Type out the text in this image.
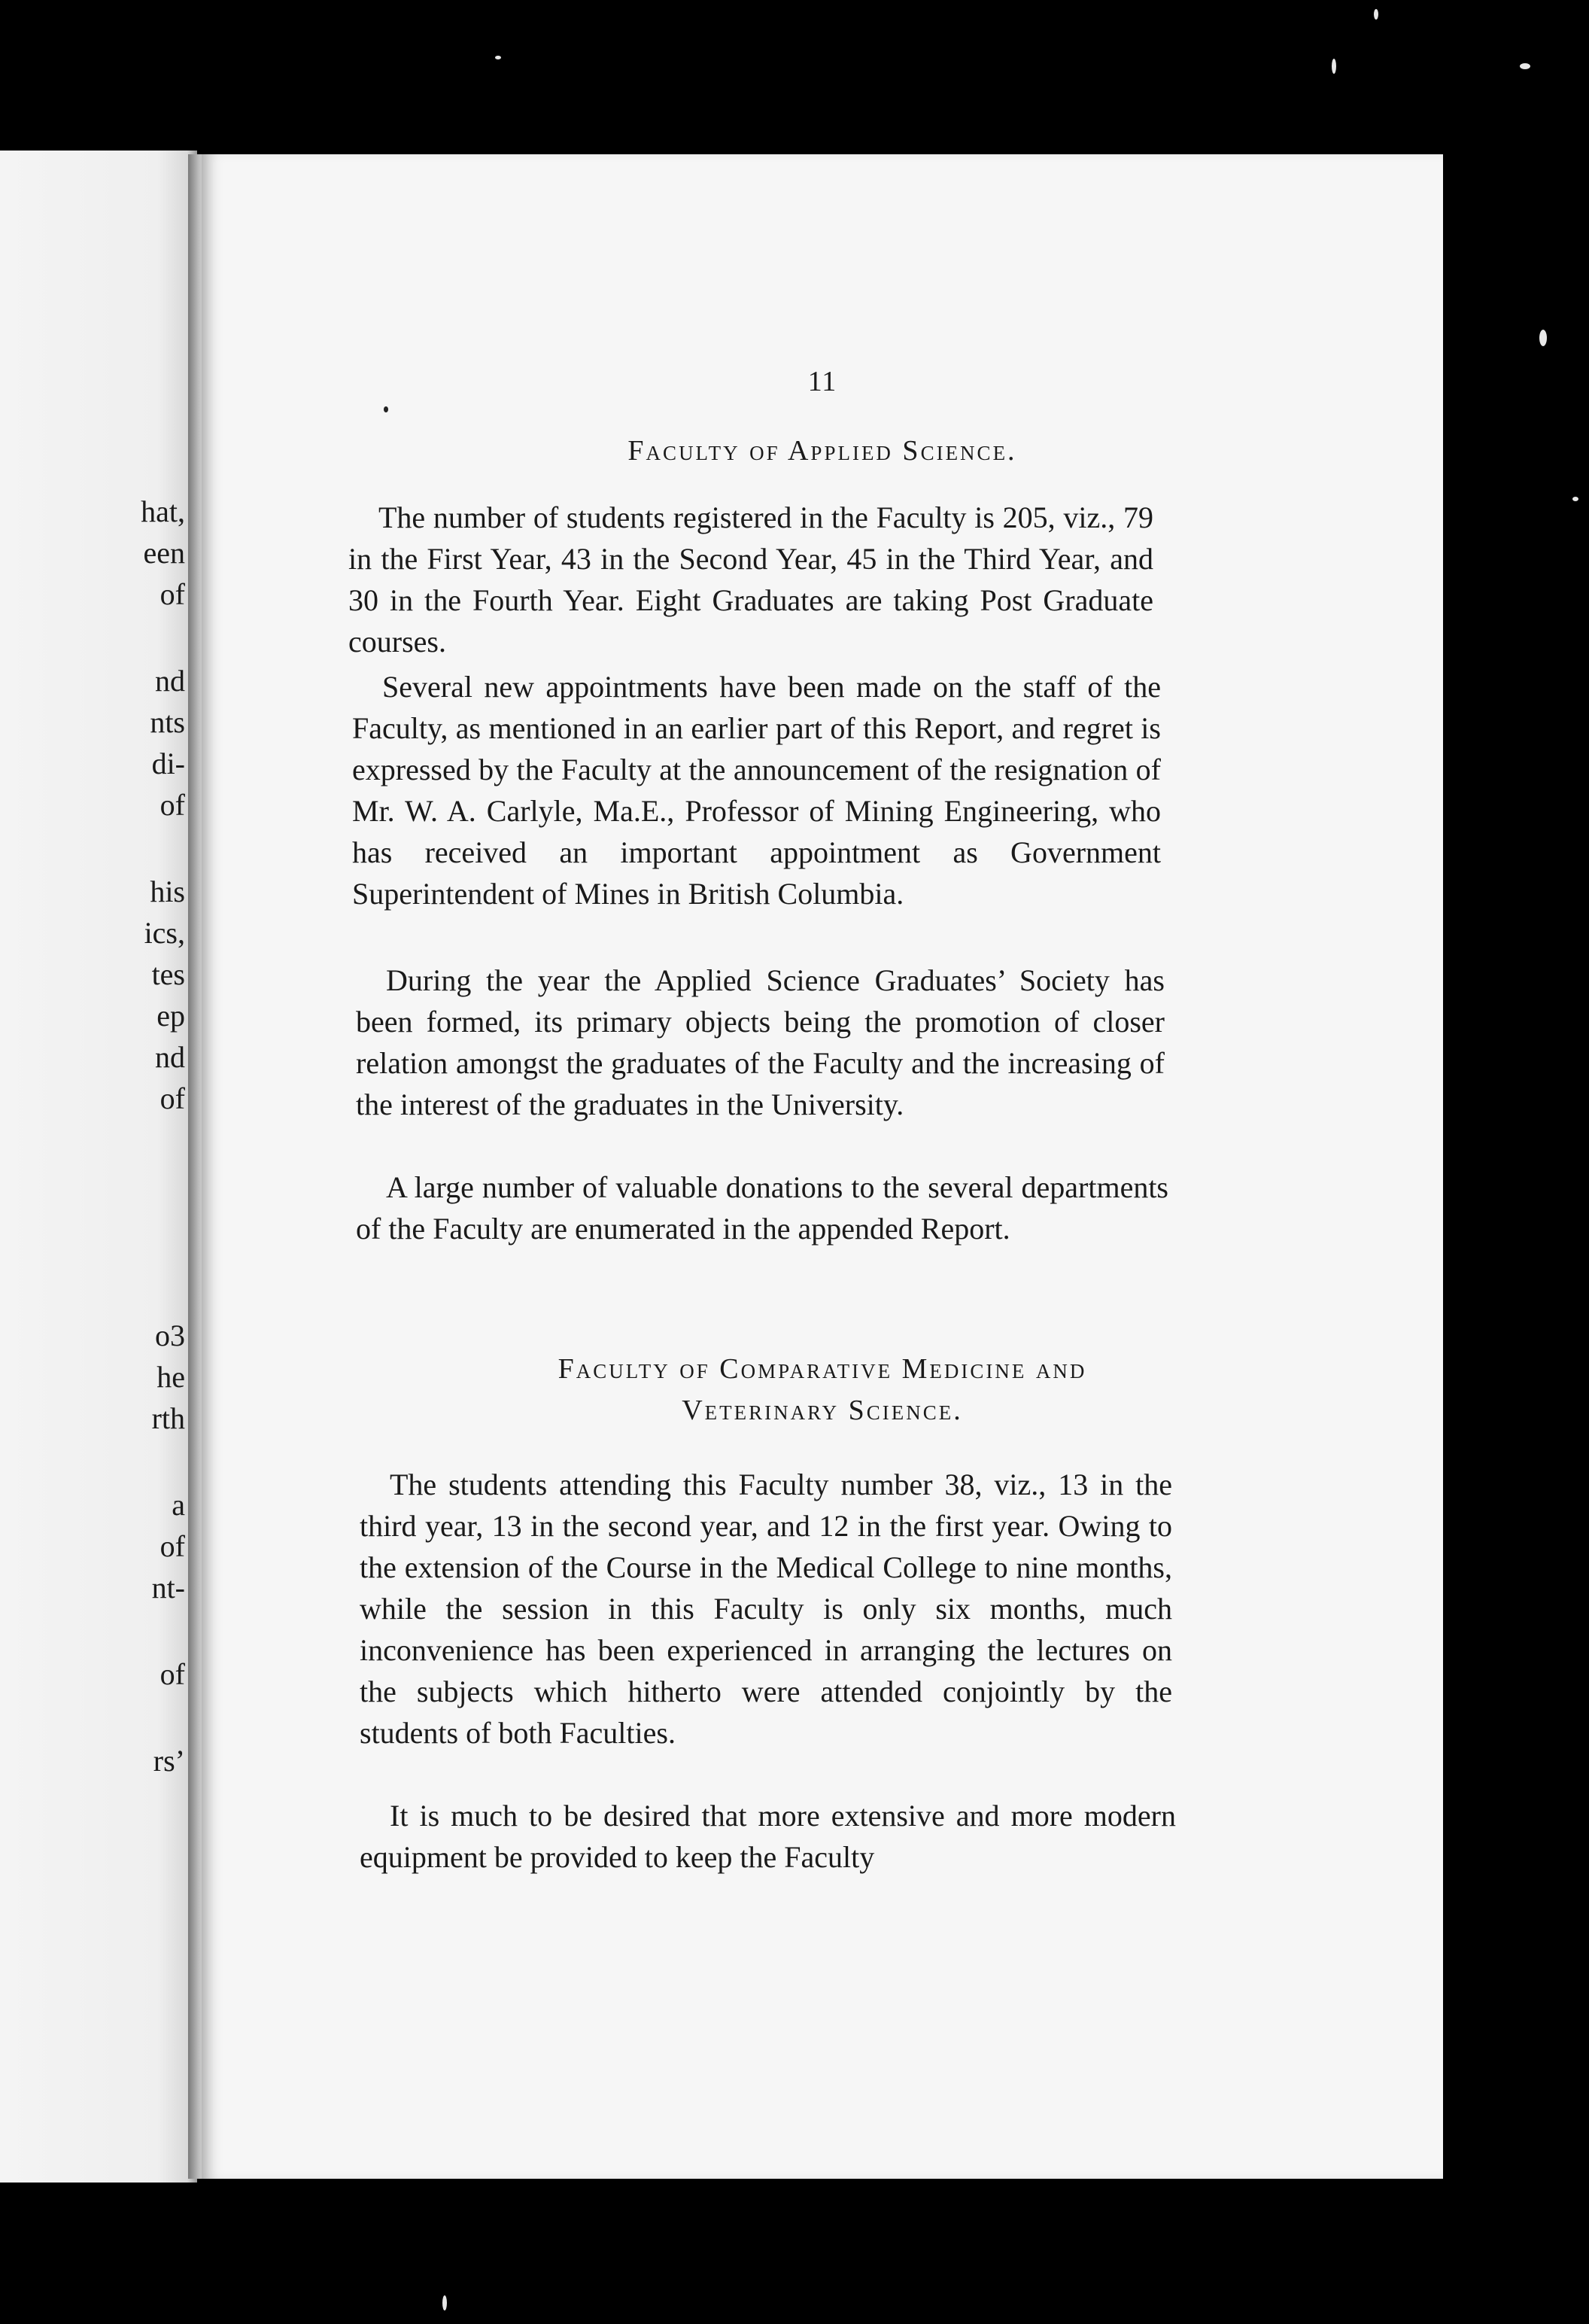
hat,
een
of
nd
nts
di-
of
his
ics,
tes
ep
nd
of
o3
he
rth
a
of
nt-
of
rs’
11
Faculty of Applied Science.

The number of students registered in the Faculty is 205, viz., 79 in the First Year, 43 in the Second Year, 45 in the Third Year, and 30 in the Fourth Year. Eight Graduates are taking Post Graduate courses.

Several new appointments have been made on the staff of the Faculty, as mentioned in an earlier part of this Report, and regret is expressed by the Faculty at the announcement of the resignation of Mr. W. A. Carlyle, Ma.E., Professor of Mining Engineering, who has received an important appointment as Government Superintendent of Mines in British Columbia.

During the year the Applied Science Graduates’ Society has been formed, its primary objects being the promotion of closer relation amongst the graduates of the Faculty and the increasing of the interest of the graduates in the University.

A large number of valuable donations to the several departments of the Faculty are enumerated in the appended Report.

Faculty of Comparative Medicine and
Veterinary Science.

The students attending this Faculty number 38, viz., 13 in the third year, 13 in the second year, and 12 in the first year. Owing to the extension of the Course in the Medical College to nine months, while the session in this Faculty is only six months, much inconvenience has been experienced in arranging the lectures on the subjects which hitherto were attended conjointly by the students of both Faculties.

It is much to be desired that more extensive and more modern equipment be provided to keep the Faculty
